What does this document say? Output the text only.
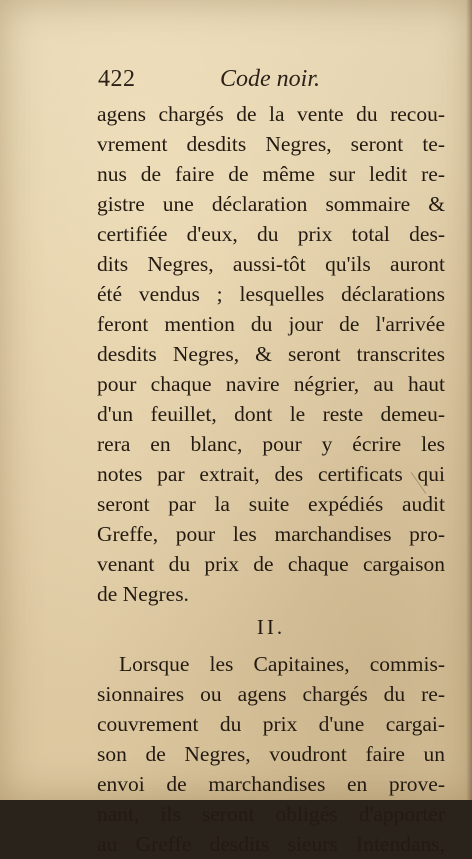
422	Code noir.
agens chargés de la vente du recou-
vrement desdits Negres, seront te-
nus de faire de même sur ledit re-
gistre une déclaration sommaire &
certifiée d'eux, du prix total des-
dits Negres, aussi-tôt qu'ils auront
été vendus ; lesquelles déclarations
feront mention du jour de l'arrivée
desdits Negres, & seront transcrites
pour chaque navire négrier, au haut
d'un feuillet, dont le reste demeu-
rera en blanc, pour y écrire les
notes par extrait, des certificats qui
seront par la suite expédiés audit
Greffe, pour les marchandises pro-
venant du prix de chaque cargaison
de Negres.
II.
Lorsque les Capitaines, commis-
sionnaires ou agens chargés du re-
couvrement du prix d'une cargai-
son de Negres, voudront faire un
envoi de marchandises en prove-
nant, ils seront obligés d'apporter
au Greffe desdits sieurs Intendans,
